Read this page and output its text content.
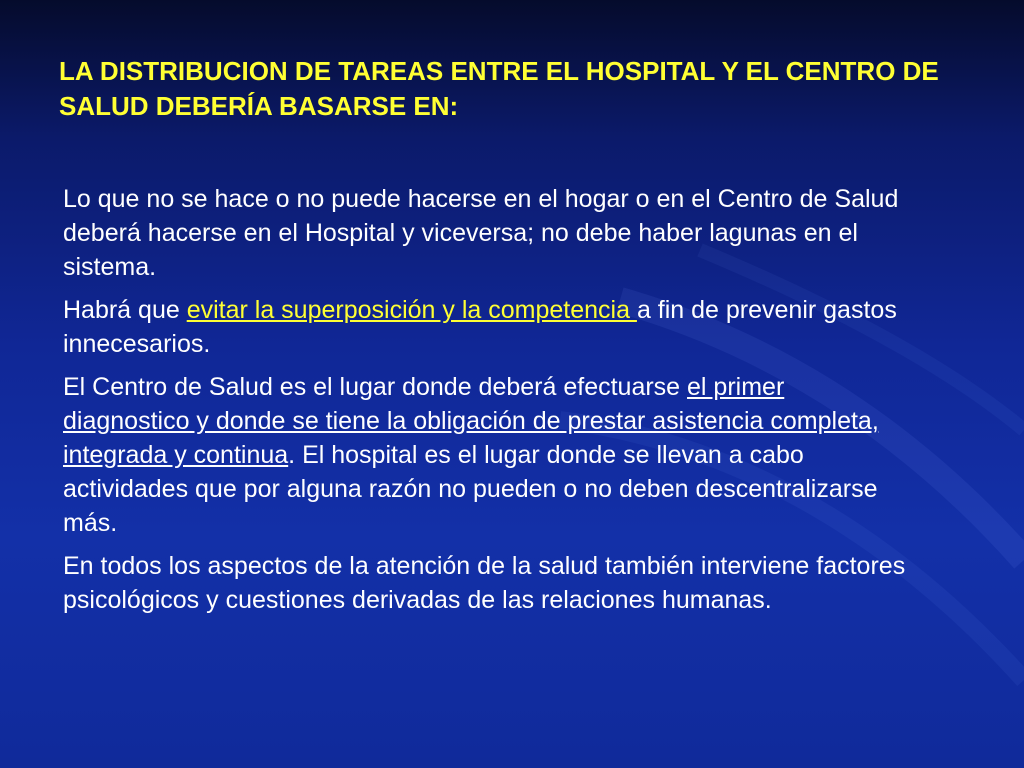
LA DISTRIBUCION DE TAREAS ENTRE EL HOSPITAL Y EL CENTRO DE SALUD DEBERÍA BASARSE EN:

Lo que no se hace o no puede hacerse en el hogar o en el Centro de Salud deberá hacerse en el Hospital y viceversa; no debe haber lagunas en el sistema.

Habrá que evitar la superposición y la competencia a fin de prevenir gastos innecesarios.

El Centro de Salud es el lugar donde deberá efectuarse el primer diagnostico y donde se tiene la obligación de prestar asistencia completa, integrada y continua. El hospital es el lugar donde se llevan a cabo actividades que por alguna razón no pueden o no deben descentralizarse más.

En todos los aspectos de la atención de la salud también interviene factores psicológicos y cuestiones derivadas de las relaciones humanas.
